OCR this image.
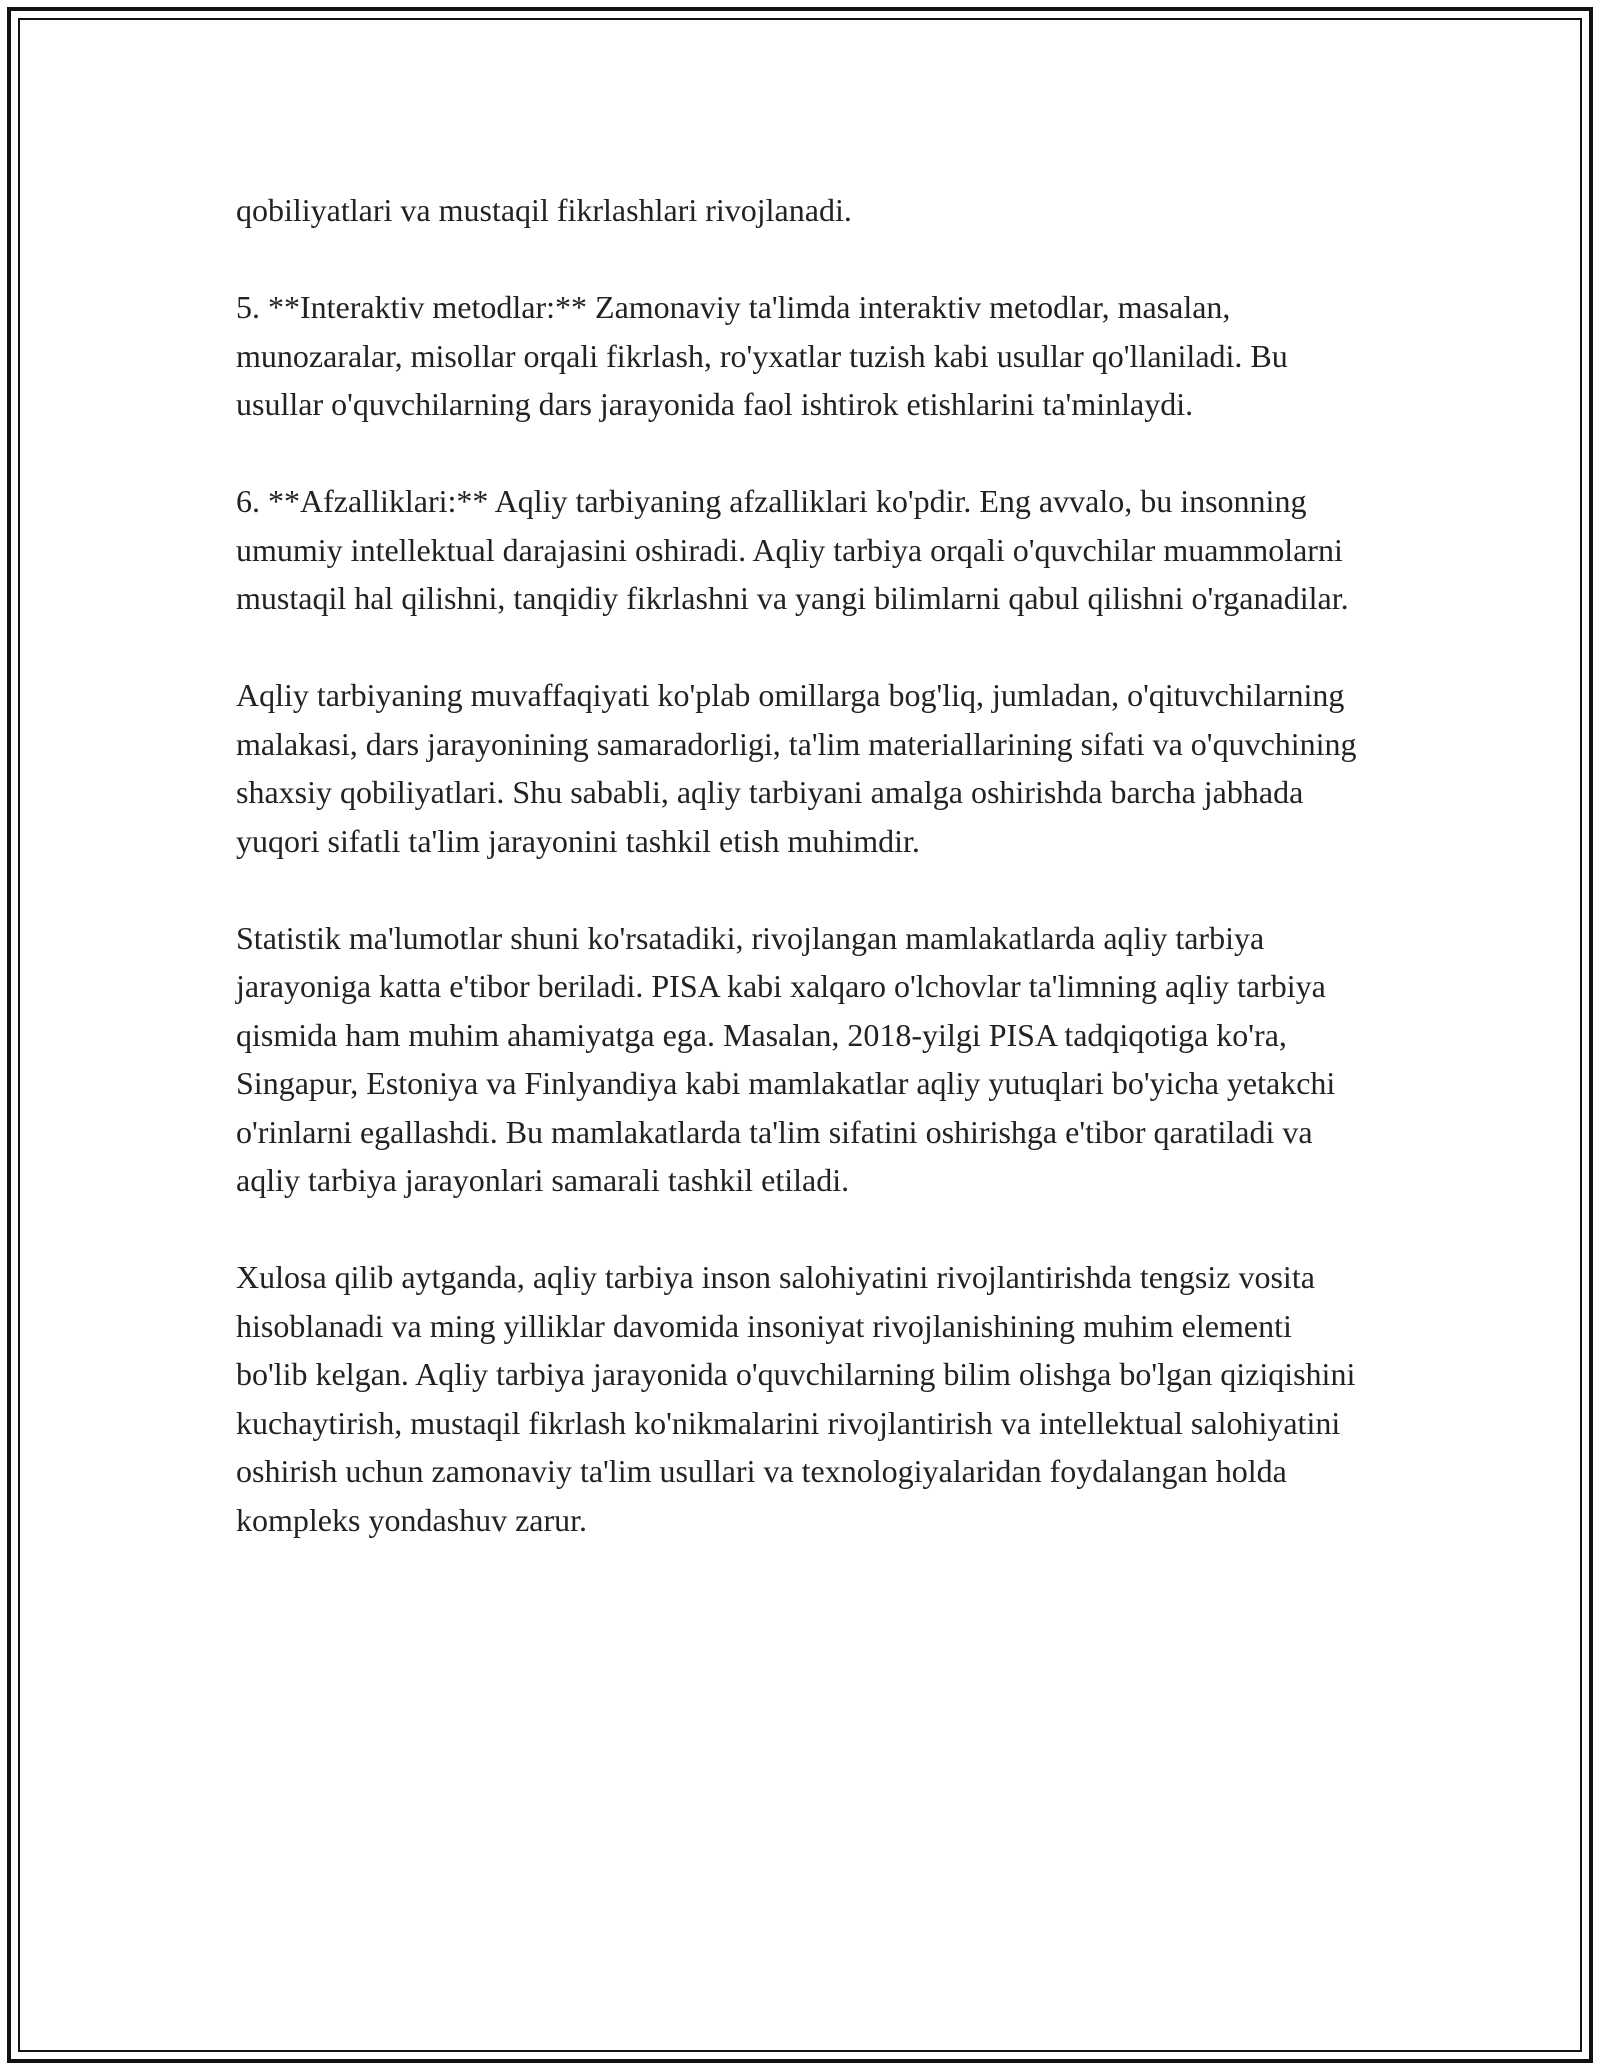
qobiliyatlari va mustaqil fikrlashlari rivojlanadi.

5. **Interaktiv metodlar:** Zamonaviy ta'limda interaktiv metodlar, masalan, munozaralar, misollar orqali fikrlash, ro'yxatlar tuzish kabi usullar qo'llaniladi. Bu usullar o'quvchilarning dars jarayonida faol ishtirok etishlarini ta'minlaydi.

6. **Afzalliklari:** Aqliy tarbiyaning afzalliklari ko'pdir. Eng avvalo, bu insonning umumiy intellektual darajasini oshiradi. Aqliy tarbiya orqali o'quvchilar muammolarni mustaqil hal qilishni, tanqidiy fikrlashni va yangi bilimlarni qabul qilishni o'rganadilar.

Aqliy tarbiyaning muvaffaqiyati ko'plab omillarga bog'liq, jumladan, o'qituvchilarning malakasi, dars jarayonining samaradorligi, ta'lim materiallarining sifati va o'quvchining shaxsiy qobiliyatlari. Shu sababli, aqliy tarbiyani amalga oshirishda barcha jabhada yuqori sifatli ta'lim jarayonini tashkil etish muhimdir.

Statistik ma'lumotlar shuni ko'rsatadiki, rivojlangan mamlakatlarda aqliy tarbiya jarayoniga katta e'tibor beriladi. PISA kabi xalqaro o'lchovlar ta'limning aqliy tarbiya qismida ham muhim ahamiyatga ega. Masalan, 2018-yilgi PISA tadqiqotiga ko'ra, Singapur, Estoniya va Finlyandiya kabi mamlakatlar aqliy yutuqlari bo'yicha yetakchi o'rinlarni egallashdi. Bu mamlakatlarda ta'lim sifatini oshirishga e'tibor qaratiladi va aqliy tarbiya jarayonlari samarali tashkil etiladi.

Xulosa qilib aytganda, aqliy tarbiya inson salohiyatini rivojlantirishda tengsiz vosita hisoblanadi va ming yilliklar davomida insoniyat rivojlanishining muhim elementi bo'lib kelgan. Aqliy tarbiya jarayonida o'quvchilarning bilim olishga bo'lgan qiziqishini kuchaytirish, mustaqil fikrlash ko'nikmalarini rivojlantirish va intellektual salohiyatini oshirish uchun zamonaviy ta'lim usullari va texnologiyalaridan foydalangan holda kompleks yondashuv zarur.
